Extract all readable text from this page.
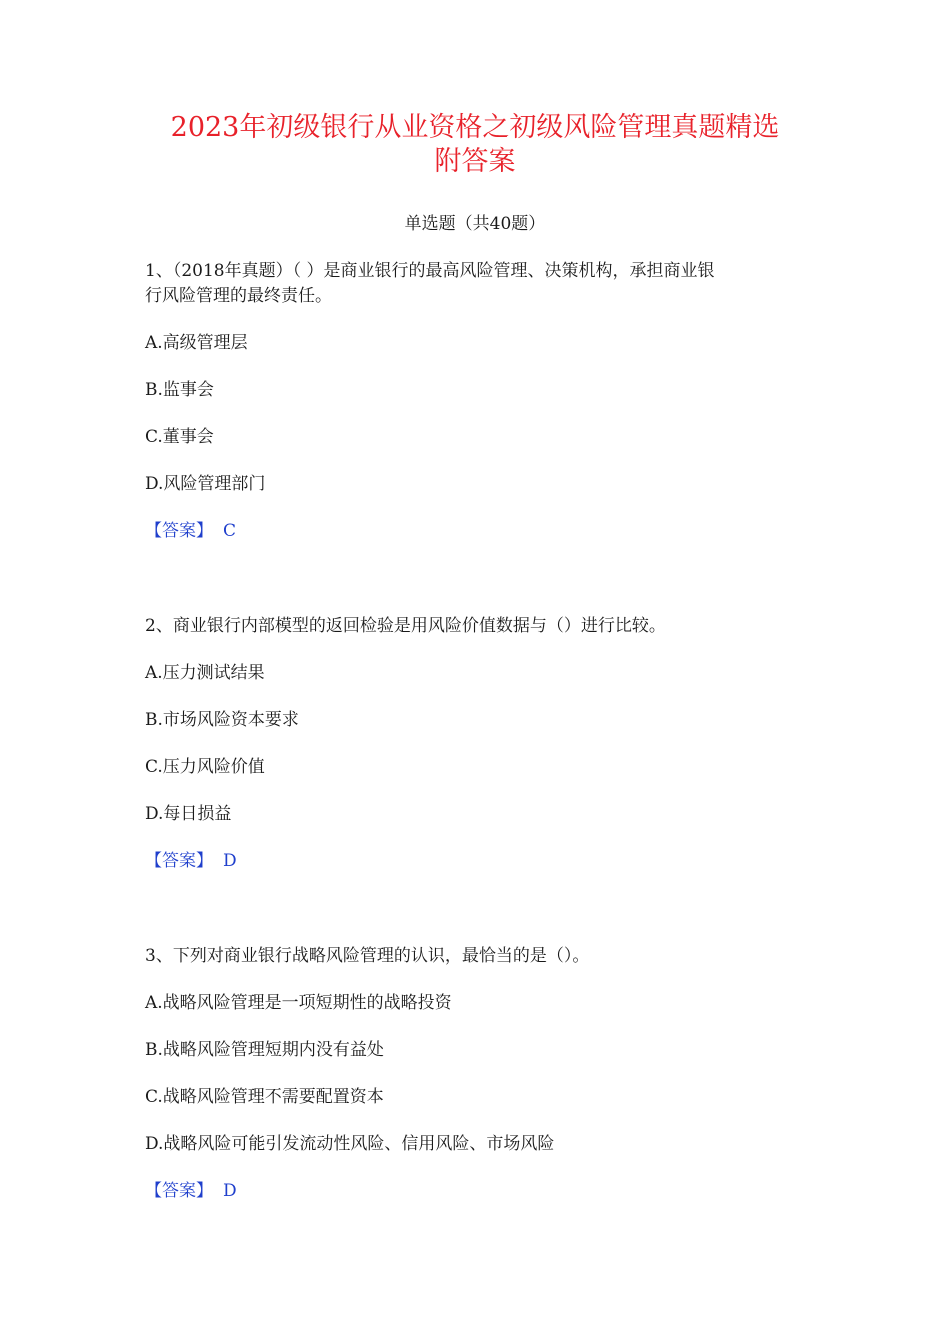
2023年初级银行从业资格之初级风险管理真题精选
附答案
单选题（共40题）
1、（2018年真题）（ ）是商业银行的最高风险管理、决策机构，承担商业银
行风险管理的最终责任。
A.高级管理层
B.监事会
C.董事会
D.风险管理部门
【答案】 C
2、商业银行内部模型的返回检验是用风险价值数据与（）进行比较。
A.压力测试结果
B.市场风险资本要求
C.压力风险价值
D.每日损益
【答案】 D
3、下列对商业银行战略风险管理的认识，最恰当的是（）。
A.战略风险管理是一项短期性的战略投资
B.战略风险管理短期内没有益处
C.战略风险管理不需要配置资本
D.战略风险可能引发流动性风险、信用风险、市场风险
【答案】 D
